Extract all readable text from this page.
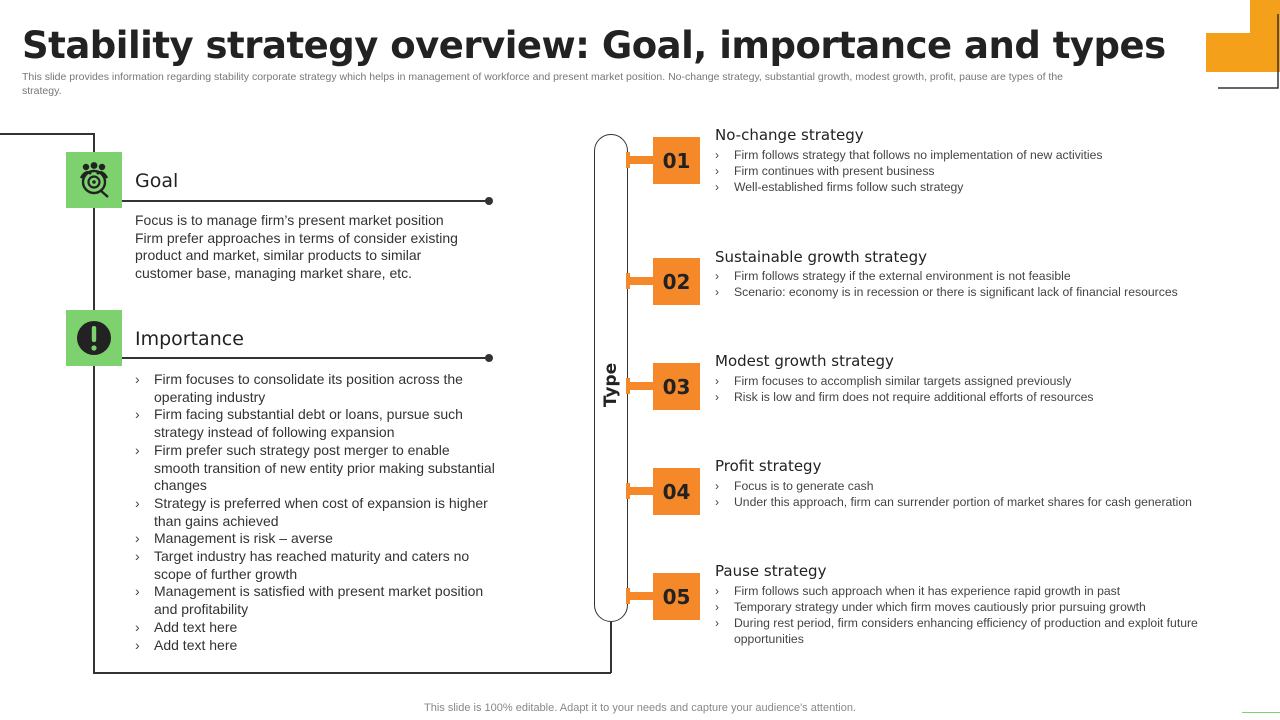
Stability strategy overview: Goal, importance and types
This slide provides information regarding stability corporate strategy which helps in management of workforce and present market position. No-change strategy, substantial growth, modest growth, profit, pause are types of the strategy.
Goal
Focus is to manage firm’s present market position
Firm prefer approaches in terms of consider existing
product and market, similar products to similar
customer base, managing market share, etc.
Importance
› Firm focuses to consolidate its position across the operating industry
› Firm facing substantial debt or loans, pursue such strategy instead of following expansion
› Firm prefer such strategy post merger to enable smooth transition of new entity prior making substantial changes
› Strategy is preferred when cost of expansion is higher than gains achieved
› Management is risk – averse
› Target industry has reached maturity and caters no scope of further growth
› Management is satisfied with present market position and profitability
› Add text here
› Add text here
Type
01
No-change strategy
› Firm follows strategy that follows no implementation of new activities
› Firm continues with present business
› Well-established firms follow such strategy
02
Sustainable growth strategy
› Firm follows strategy if the external environment is not feasible
› Scenario: economy is in recession or there is significant lack of financial resources
03
Modest growth strategy
› Firm focuses to accomplish similar targets assigned previously
› Risk is low and firm does not require additional efforts of resources
04
Profit strategy
› Focus is to generate cash
› Under this approach, firm can surrender portion of market shares for cash generation
05
Pause strategy
› Firm follows such approach when it has experience rapid growth in past
› Temporary strategy under which firm moves cautiously prior pursuing growth
› During rest period, firm considers enhancing efficiency of production and exploit future opportunities
This slide is 100% editable. Adapt it to your needs and capture your audience's attention.
